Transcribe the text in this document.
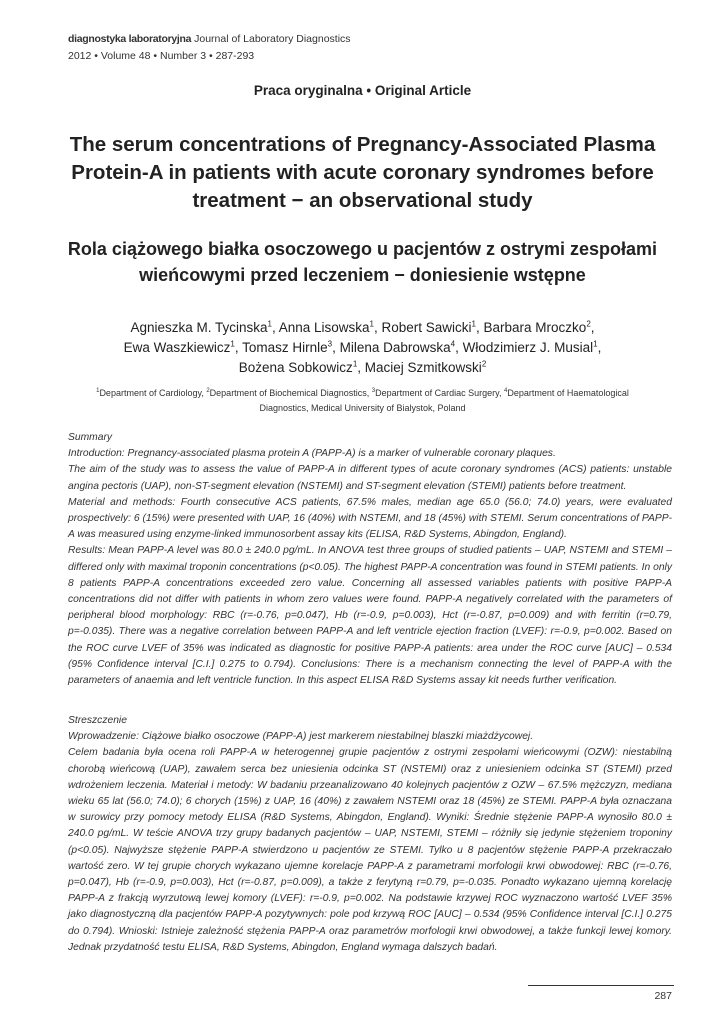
diagnostyka laboratoryjna Journal of Laboratory Diagnostics
2012 • Volume 48 • Number 3 • 287-293
Praca oryginalna • Original Article
The serum concentrations of Pregnancy-Associated Plasma Protein-A in patients with acute coronary syndromes before treatment − an observational study
Rola ciążowego białka osoczowego u pacjentów z ostrymi zespołami wieńcowymi przed leczeniem − doniesienie wstępne
Agnieszka M. Tycinska$^1$, Anna Lisowska$^1$, Robert Sawicki$^1$, Barbara Mroczko$^2$,
Ewa Waszkiewicz$^1$, Tomasz Hirnle$^3$, Milena Dabrowska$^4$, Włodzimierz J. Musial$^1$,
Bożena Sobkowicz$^1$, Maciej Szmitkowski$^2$
$^1$Department of Cardiology, $^2$Department of Biochemical Diagnostics, $^3$Department of Cardiac Surgery, $^4$Department of Haematological Diagnostics, Medical University of Bialystok, Poland

Summary

Introduction: Pregnancy-associated plasma protein A (PAPP-A) is a marker of vulnerable coronary plaques.

The aim of the study was to assess the value of PAPP-A in different types of acute coronary syndromes (ACS) patients: unstable angina pectoris (UAP), non-ST-segment elevation (NSTEMI) and ST-segment elevation (STEMI) patients before treatment.

Material and methods: Fourth consecutive ACS patients, 67.5% males, median age 65.0 (56.0; 74.0) years, were evaluated prospectively: 6 (15%) were presented with UAP, 16 (40%) with NSTEMI, and 18 (45%) with STEMI. Serum concentrations of PAPP-A was measured using enzyme-linked immunosorbent assay kits (ELISA, R&D Systems, Abingdon, England).

Results: Mean PAPP-A level was 80.0 ± 240.0 pg/mL. In ANOVA test three groups of studied patients – UAP, NSTEMI and STEMI – differed only with maximal troponin concentrations (p<0.05). The highest PAPP-A concentration was found in STEMI patients. In only 8 patients PAPP-A concentrations exceeded zero value. Concerning all assessed variables patients with positive PAPP-A concentrations did not differ with patients in whom zero values were found. PAPP-A negatively correlated with the parameters of peripheral blood morphology: RBC (r=-0.76, p=0.047), Hb (r=-0.9, p=0.003), Hct (r=-0.87, p=0.009) and with ferritin (r=0.79, p=-0.035). There was a negative correlation between PAPP-A and left ventricle ejection fraction (LVEF): r=-0.9, p=0.002. Based on the ROC curve LVEF of 35% was indicated as diagnostic for positive PAPP-A patients: area under the ROC curve [AUC] – 0.534 (95% Confidence interval [C.I.] 0.275 to 0.794). Conclusions: There is a mechanism connecting the level of PAPP-A with the parameters of anaemia and left ventricle function. In this aspect ELISA R&D Systems assay kit needs further verification.

Streszczenie

Wprowadzenie: Ciążowe białko osoczowe (PAPP-A) jest markerem niestabilnej blaszki miażdżycowej.

Celem badania była ocena roli PAPP-A w heterogennej grupie pacjentów z ostrymi zespołami wieńcowymi (OZW): niestabilną chorobą wieńcową (UAP), zawałem serca bez uniesienia odcinka ST (NSTEMI) oraz z uniesieniem odcinka ST (STEMI) przed wdrożeniem leczenia. Materiał i metody: W badaniu przeanalizowano 40 kolejnych pacjentów z OZW – 67.5% mężczyzn, mediana wieku 65 lat (56.0; 74.0); 6 chorych (15%) z UAP, 16 (40%) z zawałem NSTEMI oraz 18 (45%) ze STEMI. PAPP-A była oznaczana w surowicy przy pomocy metody ELISA (R&D Systems, Abingdon, England). Wyniki: Średnie stężenie PAPP-A wynosiło 80.0 ± 240.0 pg/mL. W teście ANOVA trzy grupy badanych pacjentów – UAP, NSTEMI, STEMI – różniły się jedynie stężeniem troponiny (p<0.05). Najwyższe stężenie PAPP-A stwierdzono u pacjentów ze STEMI. Tylko u 8 pacjentów stężenie PAPP-A przekraczało wartość zero. W tej grupie chorych wykazano ujemne korelacje PAPP-A z parametrami morfologii krwi obwodowej: RBC (r=-0.76, p=0.047), Hb (r=-0.9, p=0.003), Hct (r=-0.87, p=0.009), a także z ferytyną r=0.79, p=-0.035. Ponadto wykazano ujemną korelację PAPP-A z frakcją wyrzutową lewej komory (LVEF): r=-0.9, p=0.002. Na podstawie krzywej ROC wyznaczono wartość LVEF 35% jako diagnostyczną dla pacjentów PAPP-A pozytywnych: pole pod krzywą ROC [AUC] – 0.534 (95% Confidence interval [C.I.] 0.275 do 0.794). Wnioski: Istnieje zależność stężenia PAPP-A oraz parametrów morfologii krwi obwodowej, a także funkcji lewej komory. Jednak przydatność testu ELISA, R&D Systems, Abingdon, England wymaga dalszych badań.

287
